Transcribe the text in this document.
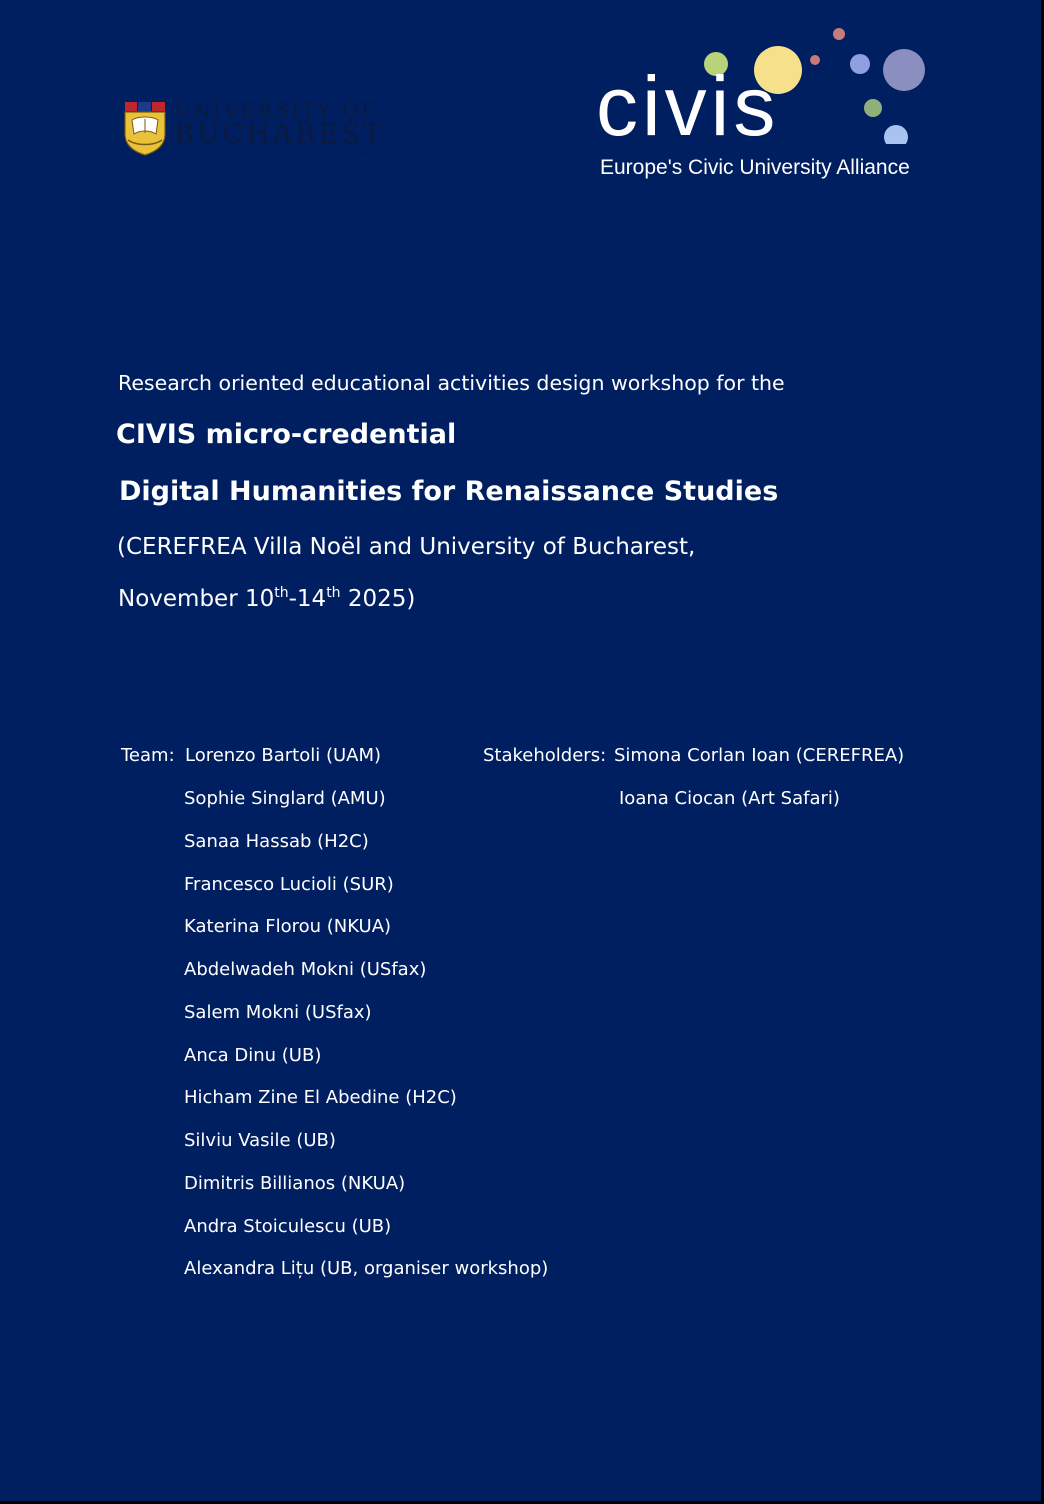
UNIVERSITY OF
BUCHAREST
VIRTUTE ET SAPIENTIA
civis
Europe's Civic University Alliance
Research oriented educational activities design workshop for the
CIVIS micro-credential
Digital Humanities for Renaissance Studies
(CEREFREA Villa Noël and University of Bucharest,
November 10th-14th 2025)
Team: Lorenzo Bartoli (UAM)
Sophie Singlard (AMU)
Sanaa Hassab (H2C)
Francesco Lucioli (SUR)
Katerina Florou (NKUA)
Abdelwadeh Mokni (USfax)
Salem Mokni (USfax)
Anca Dinu (UB)
Hicham Zine El Abedine (H2C)
Silviu Vasile (UB)
Dimitris Billianos (NKUA)
Andra Stoiculescu (UB)
Alexandra Lițu (UB, organiser workshop)
Stakeholders: Simona Corlan Ioan (CEREFREA)
Ioana Ciocan (Art Safari)
